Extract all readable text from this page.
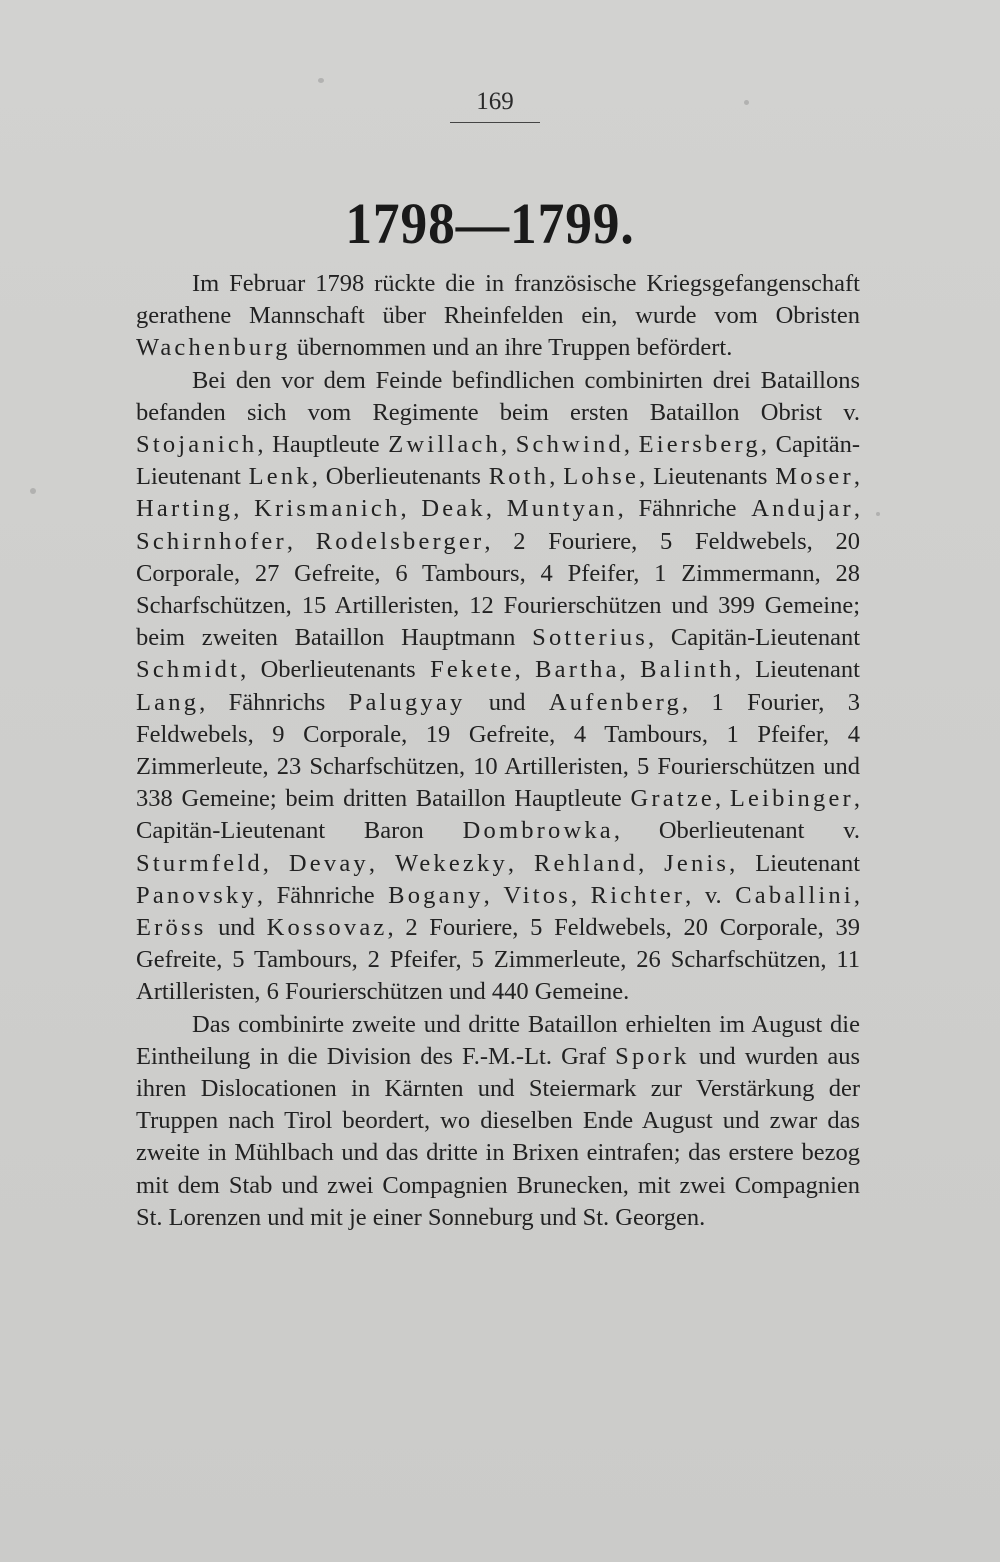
169
1798—1799.

Im Februar 1798 rückte die in französische Kriegsgefangenschaft gerathene Mannschaft über Rheinfelden ein, wurde vom Obristen Wachenburg übernommen und an ihre Truppen befördert.

Bei den vor dem Feinde befindlichen combinirten drei Bataillons befanden sich vom Regimente beim ersten Bataillon Obrist v. Stojanich, Hauptleute Zwillach, Schwind, Eiersberg, Capitän-Lieutenant Lenk, Oberlieutenants Roth, Lohse, Lieutenants Moser, Harting, Krismanich, Deak, Muntyan, Fähnriche Andujar, Schirnhofer, Rodelsberger, 2 Fouriere, 5 Feldwebels, 20 Corporale, 27 Gefreite, 6 Tambours, 4 Pfeifer, 1 Zimmermann, 28 Scharfschützen, 15 Artilleristen, 12 Fourierschützen und 399 Gemeine; beim zweiten Bataillon Hauptmann Sotterius, Capitän-Lieutenant Schmidt, Oberlieutenants Fekete, Bartha, Balinth, Lieutenant Lang, Fähnrichs Palugyay und Aufenberg, 1 Fourier, 3 Feldwebels, 9 Corporale, 19 Gefreite, 4 Tambours, 1 Pfeifer, 4 Zimmerleute, 23 Scharfschützen, 10 Artilleristen, 5 Fourierschützen und 338 Gemeine; beim dritten Bataillon Hauptleute Gratze, Leibinger, Capitän-Lieutenant Baron Dombrowka, Oberlieutenant v. Sturmfeld, Devay, Wekezky, Rehland, Jenis, Lieutenant Panovsky, Fähnriche Bogany, Vitos, Richter, v. Caballini, Eröss und Kossovaz, 2 Fouriere, 5 Feldwebels, 20 Corporale, 39 Gefreite, 5 Tambours, 2 Pfeifer, 5 Zimmerleute, 26 Scharfschützen, 11 Artilleristen, 6 Fourierschützen und 440 Gemeine.

Das combinirte zweite und dritte Bataillon erhielten im August die Eintheilung in die Division des F.-M.-Lt. Graf Spork und wurden aus ihren Dislocationen in Kärnten und Steiermark zur Verstärkung der Truppen nach Tirol beordert, wo dieselben Ende August und zwar das zweite in Mühlbach und das dritte in Brixen eintrafen; das erstere bezog mit dem Stab und zwei Compagnien Brunecken, mit zwei Compagnien St. Lorenzen und mit je einer Sonneburg und St. Georgen.
